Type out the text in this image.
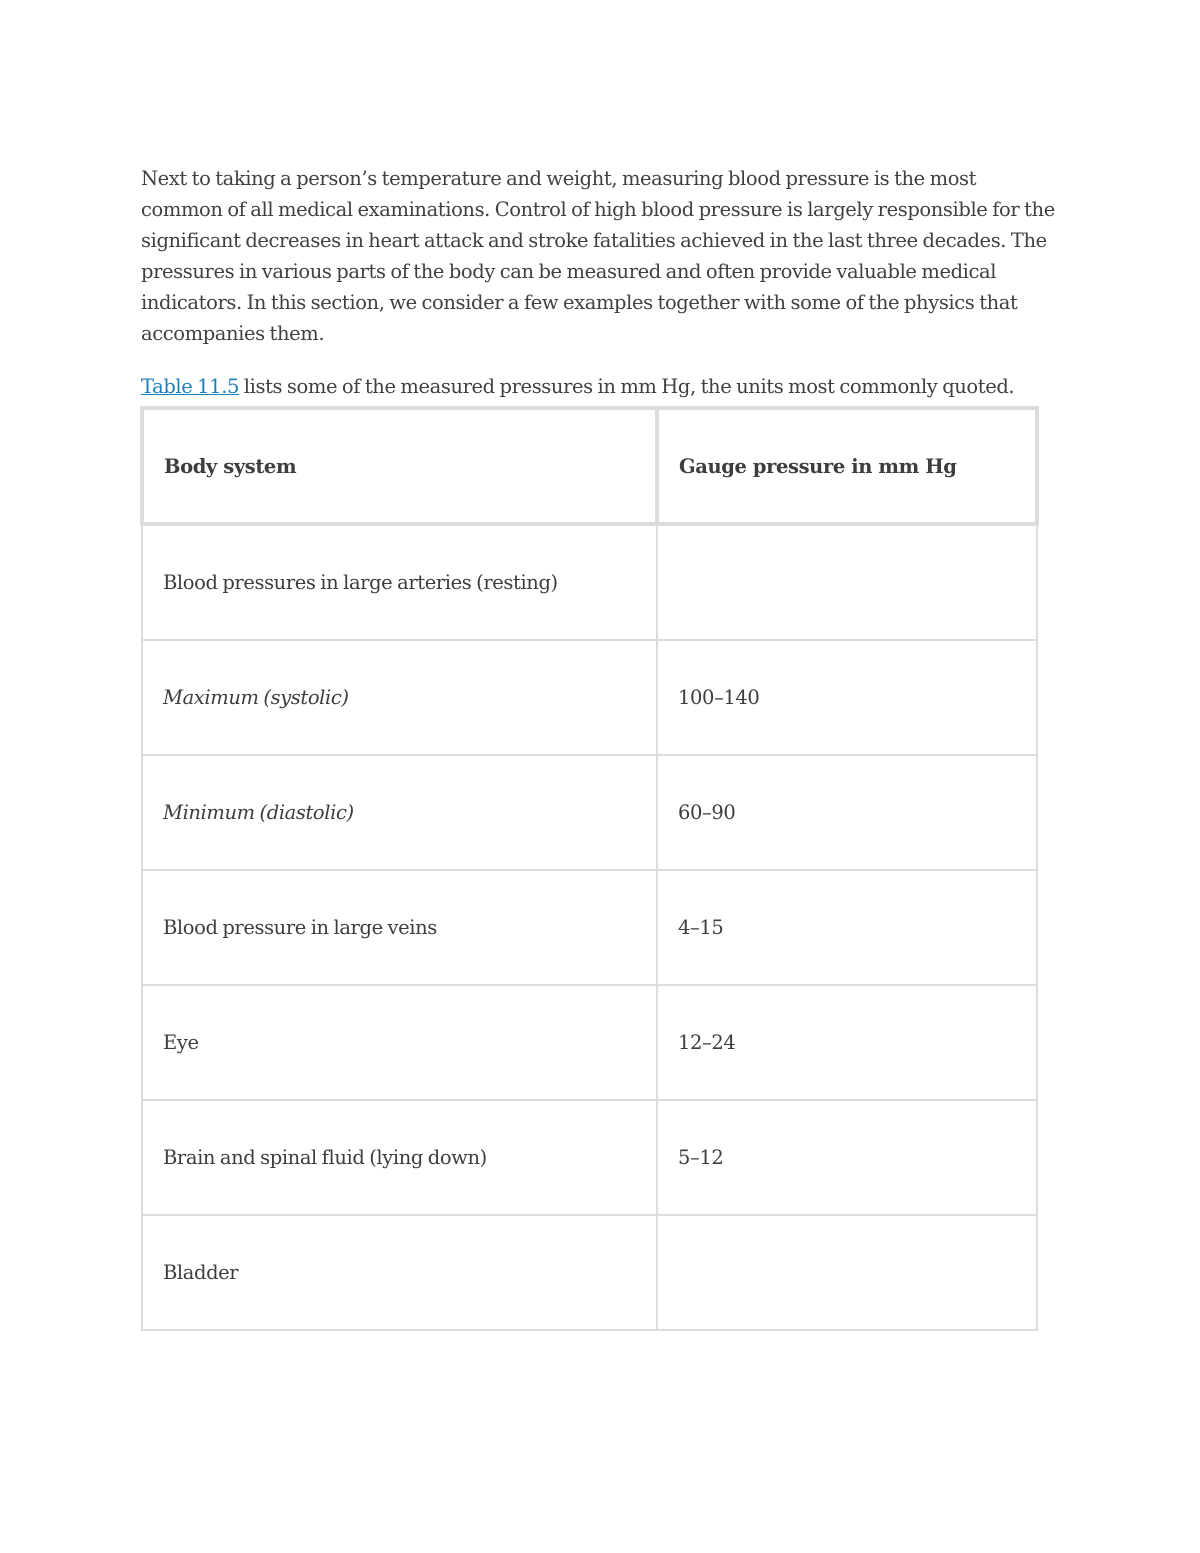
Next to taking a person’s temperature and weight, measuring blood pressure is the most common of all medical examinations. Control of high blood pressure is largely responsible for the significant decreases in heart attack and stroke fatalities achieved in the last three decades. The pressures in various parts of the body can be measured and often provide valuable medical indicators. In this section, we consider a few examples together with some of the physics that accompanies them.

Table 11.5 lists some of the measured pressures in mm Hg, the units most commonly quoted.

Body system	Gauge pressure in mm Hg
Blood pressures in large arteries (resting)	
Maximum (systolic)	100–140
Minimum (diastolic)	60–90
Blood pressure in large veins	4–15
Eye	12–24
Brain and spinal fluid (lying down)	5–12
Bladder	
